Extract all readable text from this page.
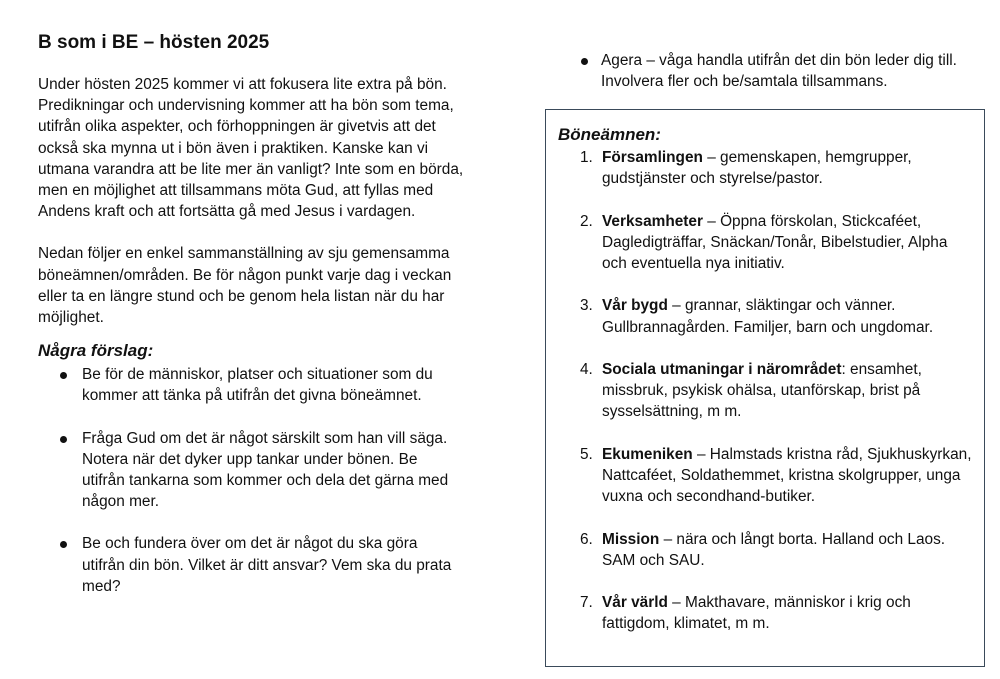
B som i BE – hösten 2025

Under hösten 2025 kommer vi att fokusera lite extra på bön. Predikningar och undervisning kommer att ha bön som tema, utifrån olika aspekter, och förhoppningen är givetvis att det också ska mynna ut i bön även i praktiken. Kanske kan vi utmana varandra att be lite mer än vanligt? Inte som en börda, men en möjlighet att tillsammans möta Gud, att fyllas med Andens kraft och att fortsätta gå med Jesus i vardagen.

Nedan följer en enkel sammanställning av sju gemensamma böneämnen/områden. Be för någon punkt varje dag i veckan eller ta en längre stund och be genom hela listan när du har möjlighet.

Några förslag:
Be för de människor, platser och situationer som du kommer att tänka på utifrån det givna böneämnet.
Fråga Gud om det är något särskilt som han vill säga. Notera när det dyker upp tankar under bönen. Be utifrån tankarna som kommer och dela det gärna med någon mer.
Be och fundera över om det är något du ska göra utifrån din bön. Vilket är ditt ansvar? Vem ska du prata med?
Agera – våga handla utifrån det din bön leder dig till. Involvera fler och be/samtala tillsammans.
Böneämnen:
1. Församlingen – gemenskapen, hemgrupper, gudstjänster och styrelse/pastor.
2. Verksamheter – Öppna förskolan, Stickcaféet, Dagledigträffar, Snäckan/Tonår, Bibelstudier, Alpha och eventuella nya initiativ.
3. Vår bygd – grannar, släktingar och vänner. Gullbrannagården. Familjer, barn och ungdomar.
4. Sociala utmaningar i närområdet: ensamhet, missbruk, psykisk ohälsa, utanförskap, brist på sysselsättning, m m.
5. Ekumeniken – Halmstads kristna råd, Sjukhuskyrkan, Nattcaféet, Soldathemmet, kristna skolgrupper, unga vuxna och secondhand-butiker.
6. Mission – nära och långt borta. Halland och Laos. SAM och SAU.
7. Vår värld – Makthavare, människor i krig och fattigdom, klimatet, m m.
